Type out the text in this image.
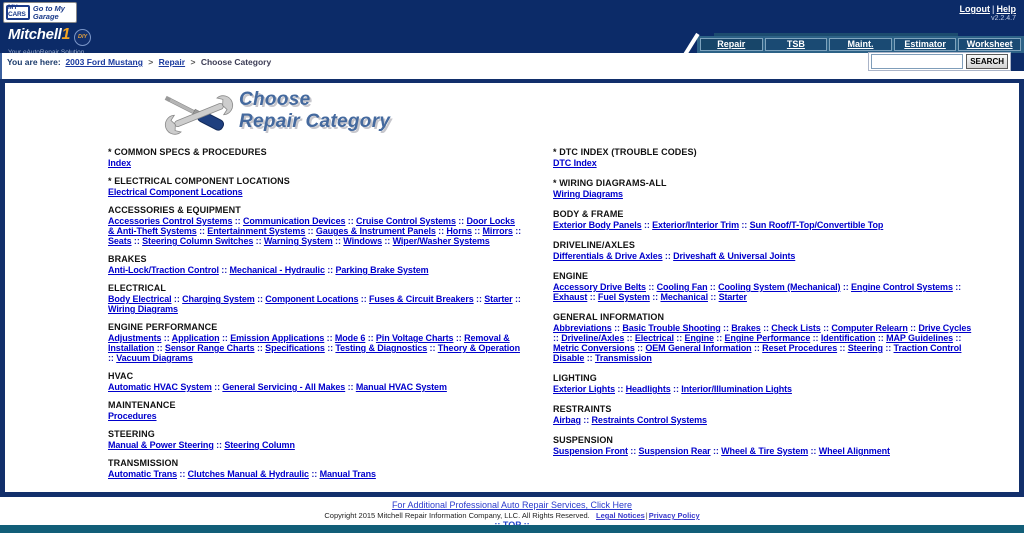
MY CARS
Go to My Garage
Logout | Help
v2.2.4.7
Mitchell1 DIY
Repair	TSB	Maint.	Estimator	Worksheet
You are here: 2003 Ford Mustang > Repair > Choose Category	SEARCH
Choose
Repair Category
* COMMON SPECS & PROCEDURES
Index
* ELECTRICAL COMPONENT LOCATIONS
Electrical Component Locations
ACCESSORIES & EQUIPMENT
Accessories Control Systems :: Communication Devices :: Cruise Control Systems :: Door Locks & Anti-Theft Systems :: Entertainment Systems :: Gauges & Instrument Panels :: Horns :: Mirrors :: Seats :: Steering Column Switches :: Warning System :: Windows :: Wiper/Washer Systems
BRAKES
Anti-Lock/Traction Control :: Mechanical - Hydraulic :: Parking Brake System
ELECTRICAL
Body Electrical :: Charging System :: Component Locations :: Fuses & Circuit Breakers :: Starter :: Wiring Diagrams
ENGINE PERFORMANCE
Adjustments :: Application :: Emission Applications :: Mode 6 :: Pin Voltage Charts :: Removal & Installation :: Sensor Range Charts :: Specifications :: Testing & Diagnostics :: Theory & Operation :: Vacuum Diagrams
HVAC
Automatic HVAC System :: General Servicing - All Makes :: Manual HVAC System
MAINTENANCE
Procedures
STEERING
Manual & Power Steering :: Steering Column
TRANSMISSION
Automatic Trans :: Clutches Manual & Hydraulic :: Manual Trans
* DTC INDEX (TROUBLE CODES)
DTC Index
* WIRING DIAGRAMS-ALL
Wiring Diagrams
BODY & FRAME
Exterior Body Panels :: Exterior/Interior Trim :: Sun Roof/T-Top/Convertible Top
DRIVELINE/AXLES
Differentials & Drive Axles :: Driveshaft & Universal Joints
ENGINE
Accessory Drive Belts :: Cooling Fan :: Cooling System (Mechanical) :: Engine Control Systems :: Exhaust :: Fuel System :: Mechanical :: Starter
GENERAL INFORMATION
Abbreviations :: Basic Trouble Shooting :: Brakes :: Check Lists :: Computer Relearn :: Drive Cycles :: Driveline/Axles :: Electrical :: Engine :: Engine Performance :: Identification :: MAP Guidelines :: Metric Conversions :: OEM General Information :: Reset Procedures :: Steering :: Traction Control Disable :: Transmission
LIGHTING
Exterior Lights :: Headlights :: Interior/Illumination Lights
RESTRAINTS
Airbag :: Restraints Control Systems
SUSPENSION
Suspension Front :: Suspension Rear :: Wheel & Tire System :: Wheel Alignment
For Additional Professional Auto Repair Services, Click Here
Copyright 2015 Mitchell Repair Information Company, LLC. All Rights Reserved. Legal Notices|Privacy Policy
